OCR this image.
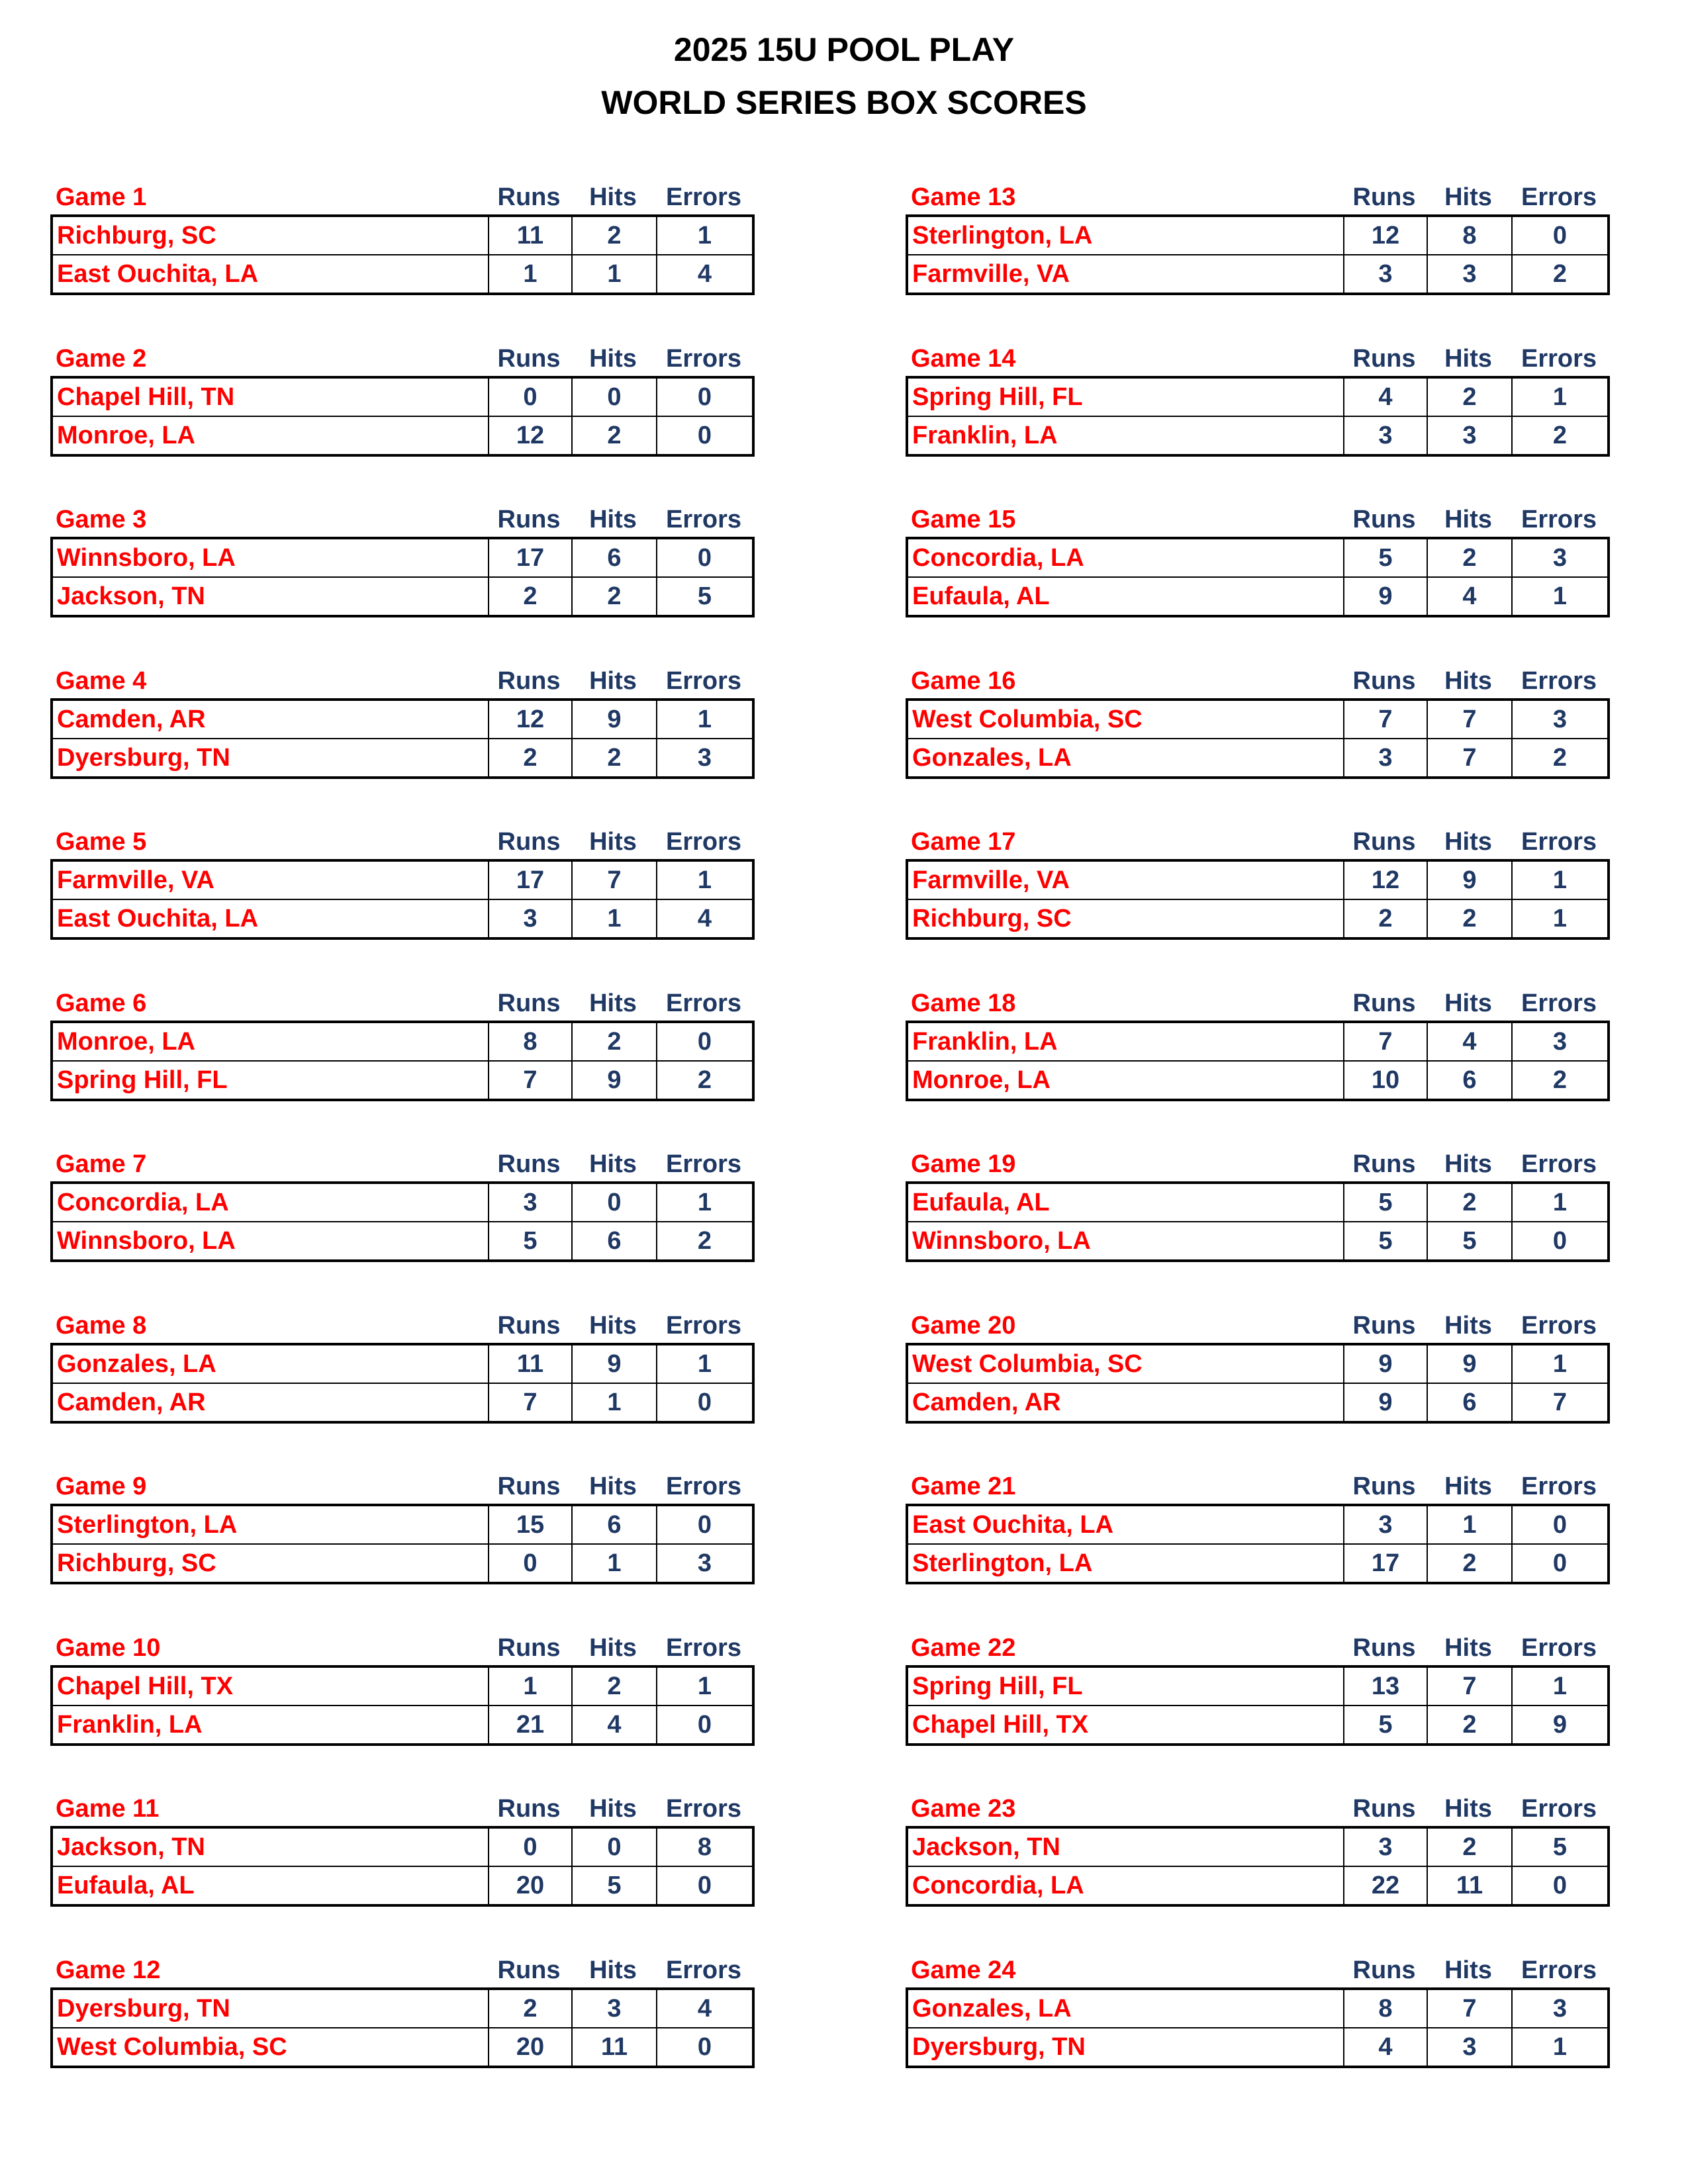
2025 15U POOL PLAY
WORLD SERIES BOX SCORES
Game 1	Runs	Hits	Errors
Richburg, SC	11	2	1
East Ouchita, LA	1	1	4
Game 2	Runs	Hits	Errors
Chapel Hill, TN	0	0	0
Monroe, LA	12	2	0
Game 3	Runs	Hits	Errors
Winnsboro, LA	17	6	0
Jackson, TN	2	2	5
Game 4	Runs	Hits	Errors
Camden, AR	12	9	1
Dyersburg, TN	2	2	3
Game 5	Runs	Hits	Errors
Farmville, VA	17	7	1
East Ouchita, LA	3	1	4
Game 6	Runs	Hits	Errors
Monroe, LA	8	2	0
Spring Hill, FL	7	9	2
Game 7	Runs	Hits	Errors
Concordia, LA	3	0	1
Winnsboro, LA	5	6	2
Game 8	Runs	Hits	Errors
Gonzales, LA	11	9	1
Camden, AR	7	1	0
Game 9	Runs	Hits	Errors
Sterlington, LA	15	6	0
Richburg, SC	0	1	3
Game 10	Runs	Hits	Errors
Chapel Hill, TX	1	2	1
Franklin, LA	21	4	0
Game 11	Runs	Hits	Errors
Jackson, TN	0	0	8
Eufaula, AL	20	5	0
Game 12	Runs	Hits	Errors
Dyersburg, TN	2	3	4
West Columbia, SC	20	11	0
Game 13	Runs	Hits	Errors
Sterlington, LA	12	8	0
Farmville, VA	3	3	2
Game 14	Runs	Hits	Errors
Spring Hill, FL	4	2	1
Franklin, LA	3	3	2
Game 15	Runs	Hits	Errors
Concordia, LA	5	2	3
Eufaula, AL	9	4	1
Game 16	Runs	Hits	Errors
West Columbia, SC	7	7	3
Gonzales, LA	3	7	2
Game 17	Runs	Hits	Errors
Farmville, VA	12	9	1
Richburg, SC	2	2	1
Game 18	Runs	Hits	Errors
Franklin, LA	7	4	3
Monroe, LA	10	6	2
Game 19	Runs	Hits	Errors
Eufaula, AL	5	2	1
Winnsboro, LA	5	5	0
Game 20	Runs	Hits	Errors
West Columbia, SC	9	9	1
Camden, AR	9	6	7
Game 21	Runs	Hits	Errors
East Ouchita, LA	3	1	0
Sterlington, LA	17	2	0
Game 22	Runs	Hits	Errors
Spring Hill, FL	13	7	1
Chapel Hill, TX	5	2	9
Game 23	Runs	Hits	Errors
Jackson, TN	3	2	5
Concordia, LA	22	11	0
Game 24	Runs	Hits	Errors
Gonzales, LA	8	7	3
Dyersburg, TN	4	3	1
